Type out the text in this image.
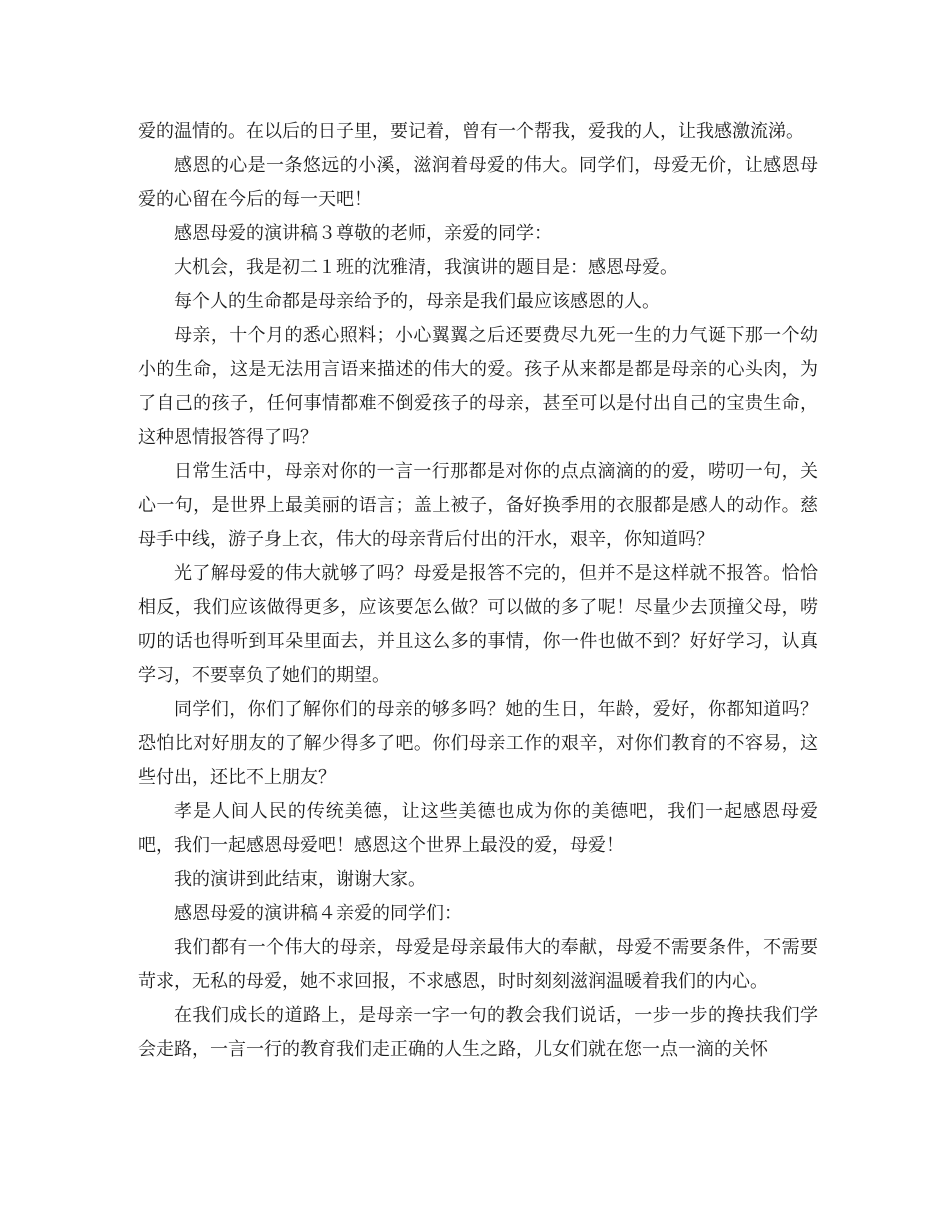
爱的温情的。在以后的日子里，要记着，曾有一个帮我，爱我的人，让我感激流涕。

感恩的心是一条悠远的小溪，滋润着母爱的伟大。同学们，母爱无价，让感恩母爱的心留在今后的每一天吧！

感恩母爱的演讲稿３尊敬的老师，亲爱的同学：

大机会，我是初二１班的沈雅清，我演讲的题目是：感恩母爱。

每个人的生命都是母亲给予的，母亲是我们最应该感恩的人。

母亲，十个月的悉心照料；小心翼翼之后还要费尽九死一生的力气诞下那一个幼小的生命，这是无法用言语来描述的伟大的爱。孩子从来都是都是母亲的心头肉，为了自己的孩子，任何事情都难不倒爱孩子的母亲，甚至可以是付出自己的宝贵生命，这种恩情报答得了吗？

日常生活中，母亲对你的一言一行那都是对你的点点滴滴的的爱，唠叨一句，关心一句，是世界上最美丽的语言；盖上被子，备好换季用的衣服都是感人的动作。慈母手中线，游子身上衣，伟大的母亲背后付出的汗水，艰辛，你知道吗？

光了解母爱的伟大就够了吗？母爱是报答不完的，但并不是这样就不报答。恰恰相反，我们应该做得更多，应该要怎么做？可以做的多了呢！尽量少去顶撞父母，唠叨的话也得听到耳朵里面去，并且这么多的事情，你一件也做不到？好好学习，认真学习，不要辜负了她们的期望。

同学们，你们了解你们的母亲的够多吗？她的生日，年龄，爱好，你都知道吗？恐怕比对好朋友的了解少得多了吧。你们母亲工作的艰辛，对你们教育的不容易，这些付出，还比不上朋友？

孝是人间人民的传统美德，让这些美德也成为你的美德吧，我们一起感恩母爱吧，我们一起感恩母爱吧！感恩这个世界上最没的爱，母爱！

我的演讲到此结束，谢谢大家。

感恩母爱的演讲稿４亲爱的同学们：

我们都有一个伟大的母亲，母爱是母亲最伟大的奉献，母爱不需要条件，不需要苛求，无私的母爱，她不求回报，不求感恩，时时刻刻滋润温暖着我们的内心。

在我们成长的道路上，是母亲一字一句的教会我们说话，一步一步的搀扶我们学会走路，一言一行的教育我们走正确的人生之路，儿女们就在您一点一滴的关怀
